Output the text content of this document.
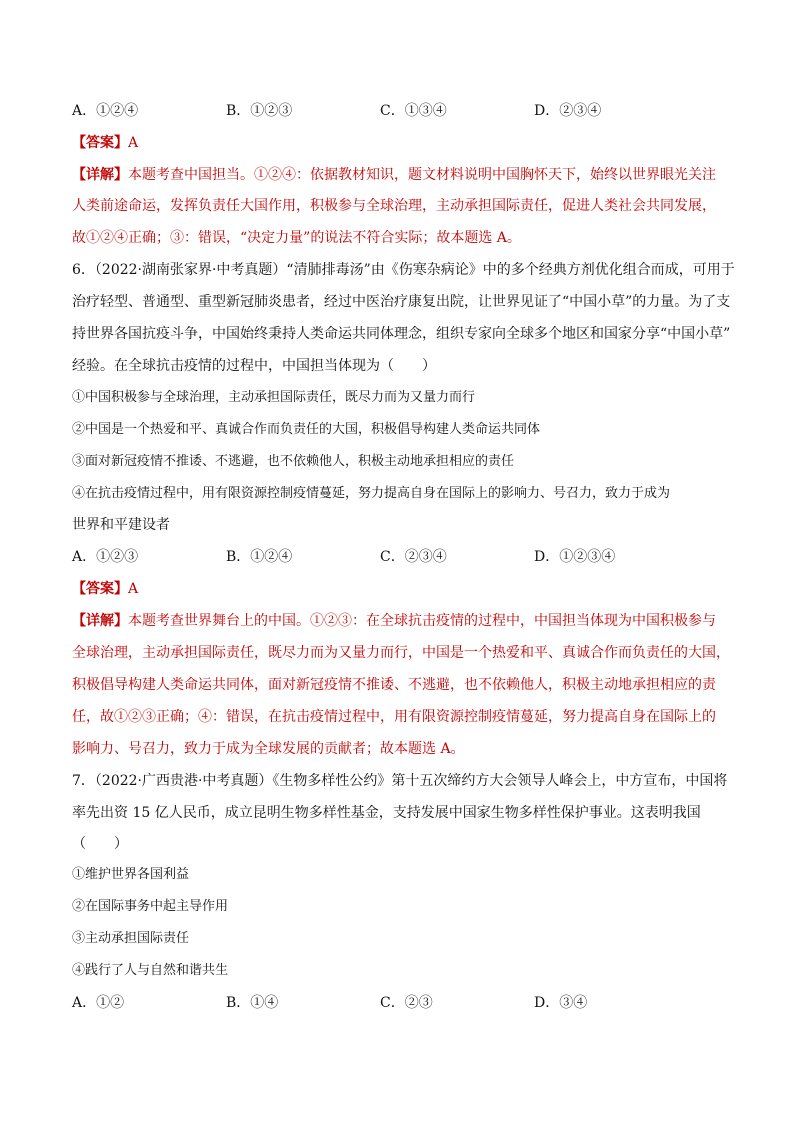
A．①②④	B．①②③	C．①③④	D．②③④
【答案】A
【详解】本题考查中国担当。①②④：依据教材知识，题文材料说明中国胸怀天下，始终以世界眼光关注
人类前途命运，发挥负责任大国作用，积极参与全球治理，主动承担国际责任，促进人类社会共同发展，
故①②④正确；③：错误，“决定力量”的说法不符合实际；故本题选 A。
6．（2022·湖南张家界·中考真题）“清肺排毒汤”由《伤寒杂病论》中的多个经典方剂优化组合而成，可用于
治疗轻型、普通型、重型新冠肺炎患者，经过中医治疗康复出院，让世界见证了“中国小草”的力量。为了支
持世界各国抗疫斗争，中国始终秉持人类命运共同体理念，组织专家向全球多个地区和国家分享“中国小草”
经验。在全球抗击疫情的过程中，中国担当体现为（　　）
①中国积极参与全球治理，主动承担国际责任，既尽力而为又量力而行
②中国是一个热爱和平、真诚合作而负责任的大国，积极倡导构建人类命运共同体
③面对新冠疫情不推诿、不逃避，也不依赖他人，积极主动地承担相应的责任
④在抗击疫情过程中，用有限资源控制疫情蔓延，努力提高自身在国际上的影响力、号召力，致力于成为
世界和平建设者
A．①②③	B．①②④	C．②③④	D．①②③④
【答案】A
【详解】本题考查世界舞台上的中国。①②③：在全球抗击疫情的过程中，中国担当体现为中国积极参与
全球治理，主动承担国际责任，既尽力而为又量力而行，中国是一个热爱和平、真诚合作而负责任的大国，
积极倡导构建人类命运共同体，面对新冠疫情不推诿、不逃避，也不依赖他人，积极主动地承担相应的责
任，故①②③正确；④：错误，在抗击疫情过程中，用有限资源控制疫情蔓延，努力提高自身在国际上的
影响力、号召力，致力于成为全球发展的贡献者；故本题选 A。
7．（2022·广西贵港·中考真题）《生物多样性公约》第十五次缔约方大会领导人峰会上，中方宣布，中国将
率先出资 15 亿人民币，成立昆明生物多样性基金，支持发展中国家生物多样性保护事业。这表明我国
（　　）
①维护世界各国利益
②在国际事务中起主导作用
③主动承担国际责任
④践行了人与自然和谐共生
A．①②	B．①④	C．②③	D．③④
